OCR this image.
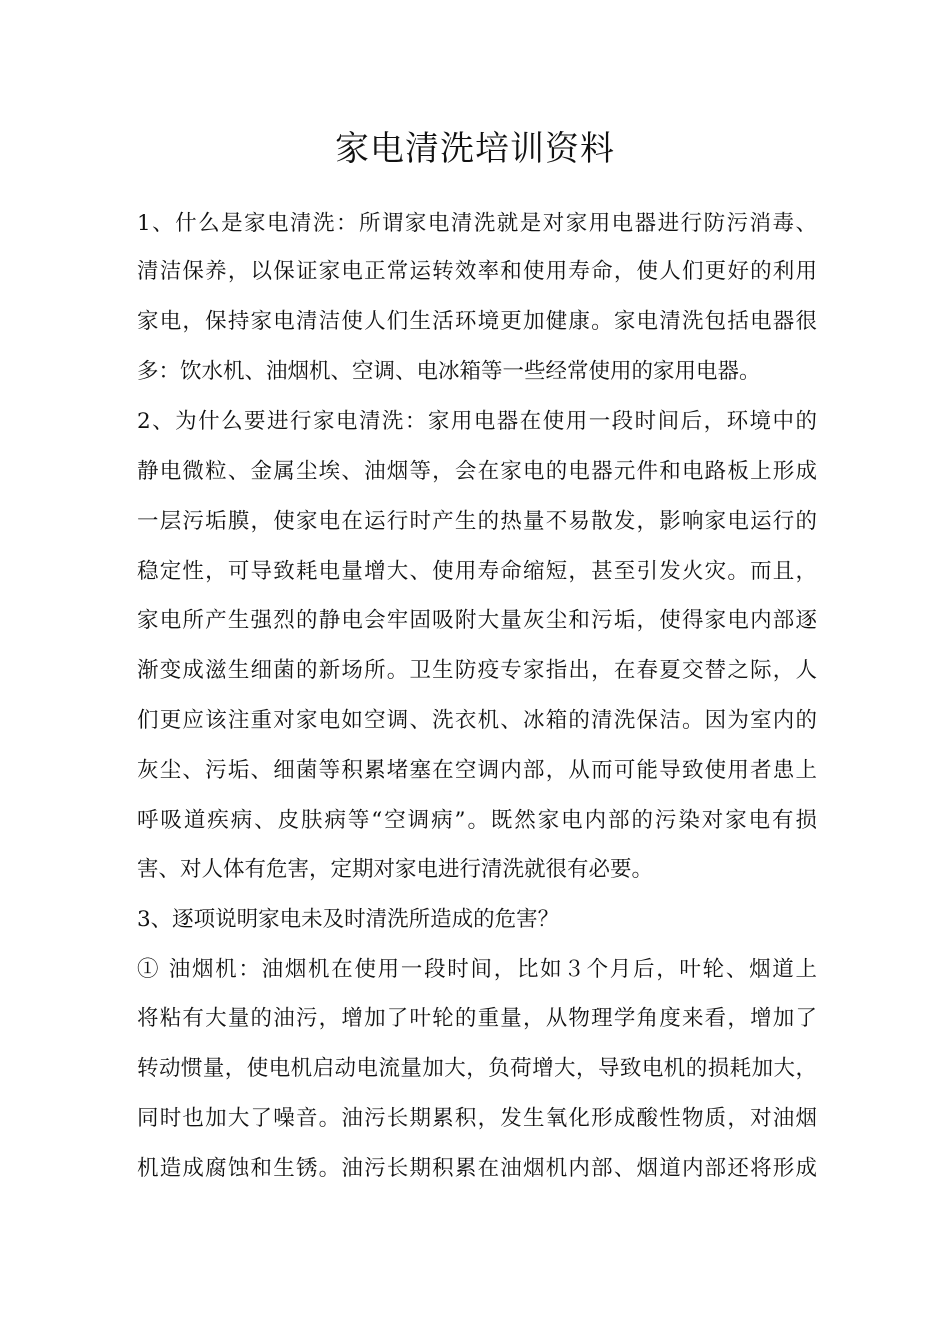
家电清洗培训资料
1、什么是家电清洗：所谓家电清洗就是对家用电器进行防污消毒、
清洁保养，以保证家电正常运转效率和使用寿命，使人们更好的利用
家电，保持家电清洁使人们生活环境更加健康。家电清洗包括电器很
多：饮水机、油烟机、空调、电冰箱等一些经常使用的家用电器。
2、为什么要进行家电清洗：家用电器在使用一段时间后，环境中的
静电微粒、金属尘埃、油烟等，会在家电的电器元件和电路板上形成
一层污垢膜，使家电在运行时产生的热量不易散发，影响家电运行的
稳定性，可导致耗电量增大、使用寿命缩短，甚至引发火灾。而且，
家电所产生强烈的静电会牢固吸附大量灰尘和污垢，使得家电内部逐
渐变成滋生细菌的新场所。卫生防疫专家指出，在春夏交替之际，人
们更应该注重对家电如空调、洗衣机、冰箱的清洗保洁。因为室内的
灰尘、污垢、细菌等积累堵塞在空调内部，从而可能导致使用者患上
呼吸道疾病、皮肤病等“空调病”。既然家电内部的污染对家电有损
害、对人体有危害，定期对家电进行清洗就很有必要。
3、逐项说明家电未及时清洗所造成的危害？
① 油烟机：油烟机在使用一段时间，比如３个月后，叶轮、烟道上
将粘有大量的油污，增加了叶轮的重量，从物理学角度来看，增加了
转动惯量，使电机启动电流量加大，负荷增大，导致电机的损耗加大，
同时也加大了噪音。油污长期累积，发生氧化形成酸性物质，对油烟
机造成腐蚀和生锈。油污长期积累在油烟机内部、烟道内部还将形成
